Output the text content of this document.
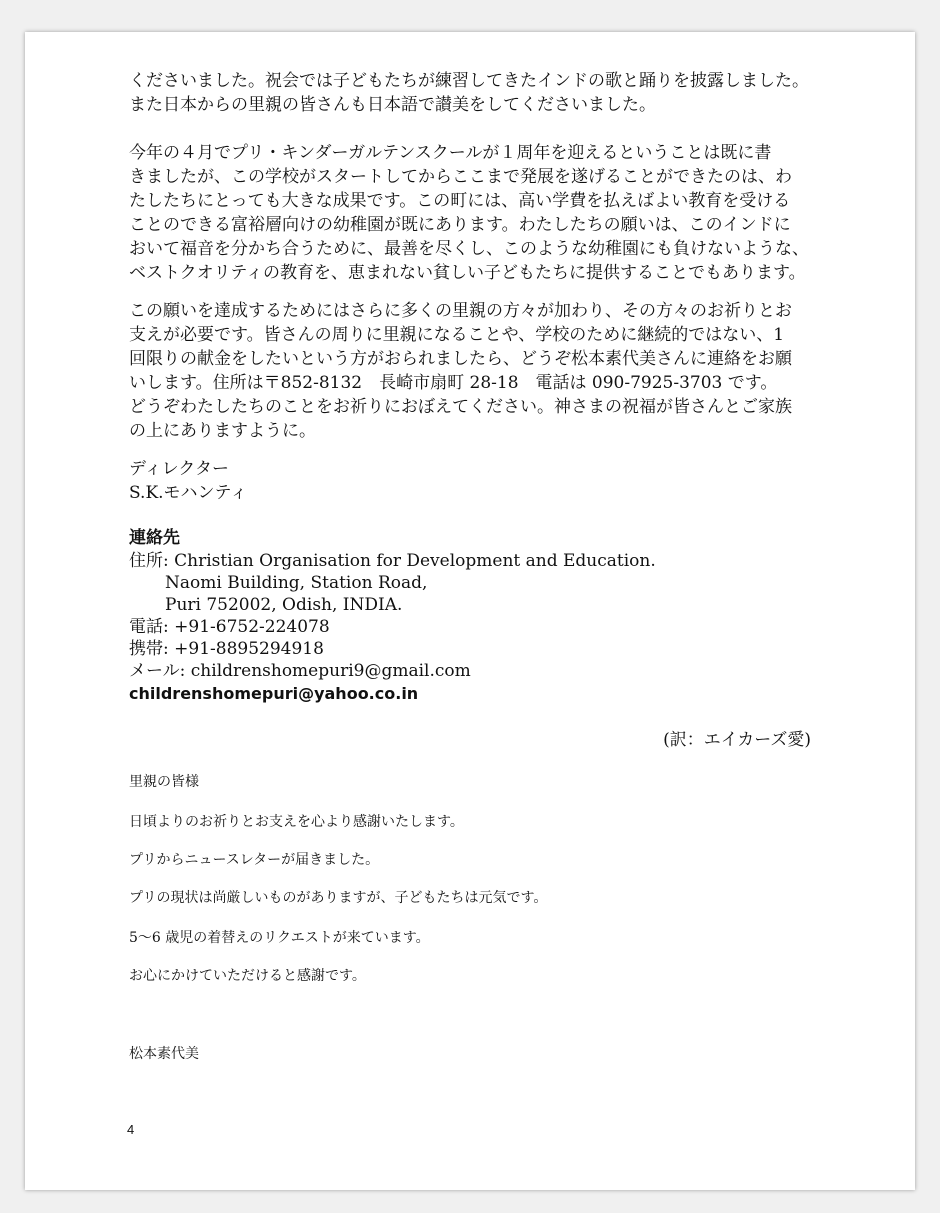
くださいました。祝会では子どもたちが練習してきたインドの歌と踊りを披露しました。
また日本からの里親の皆さんも日本語で讃美をしてくださいました。
今年の４月でプリ・キンダーガルテンスクールが１周年を迎えるということは既に書
きましたが、この学校がスタートしてからここまで発展を遂げることができたのは、わ
たしたちにとっても大きな成果です。この町には、高い学費を払えばよい教育を受ける
ことのできる富裕層向けの幼稚園が既にあります。わたしたちの願いは、このインドに
おいて福音を分かち合うために、最善を尽くし、このような幼稚園にも負けないような、
ベストクオリティの教育を、恵まれない貧しい子どもたちに提供することでもあります。
この願いを達成するためにはさらに多くの里親の方々が加わり、その方々のお祈りとお
支えが必要です。皆さんの周りに里親になることや、学校のために継続的ではない、1
回限りの献金をしたいという方がおられましたら、どうぞ松本素代美さんに連絡をお願
いします。住所は〒852-8132　長崎市扇町 28-18　電話は 090-7925-3703 です。
どうぞわたしたちのことをお祈りにおぼえてください。神さまの祝福が皆さんとご家族
の上にありますように。
ディレクター
S.K.モハンティ
連絡先
住所: Christian Organisation for Development and Education.
Naomi Building, Station Road,
Puri 752002, Odish, INDIA.
電話: +91-6752-224078
携帯: +91-8895294918
メール: childrenshomepuri9@gmail.com
childrenshomepuri@yahoo.co.in
(訳：エイカーズ愛)
里親の皆様
日頃よりのお祈りとお支えを心より感謝いたします。
プリからニュースレターが届きました。
プリの現状は尚厳しいものがありますが、子どもたちは元気です。
5～6 歳児の着替えのリクエストが来ています。
お心にかけていただけると感謝です。
松本素代美
4
